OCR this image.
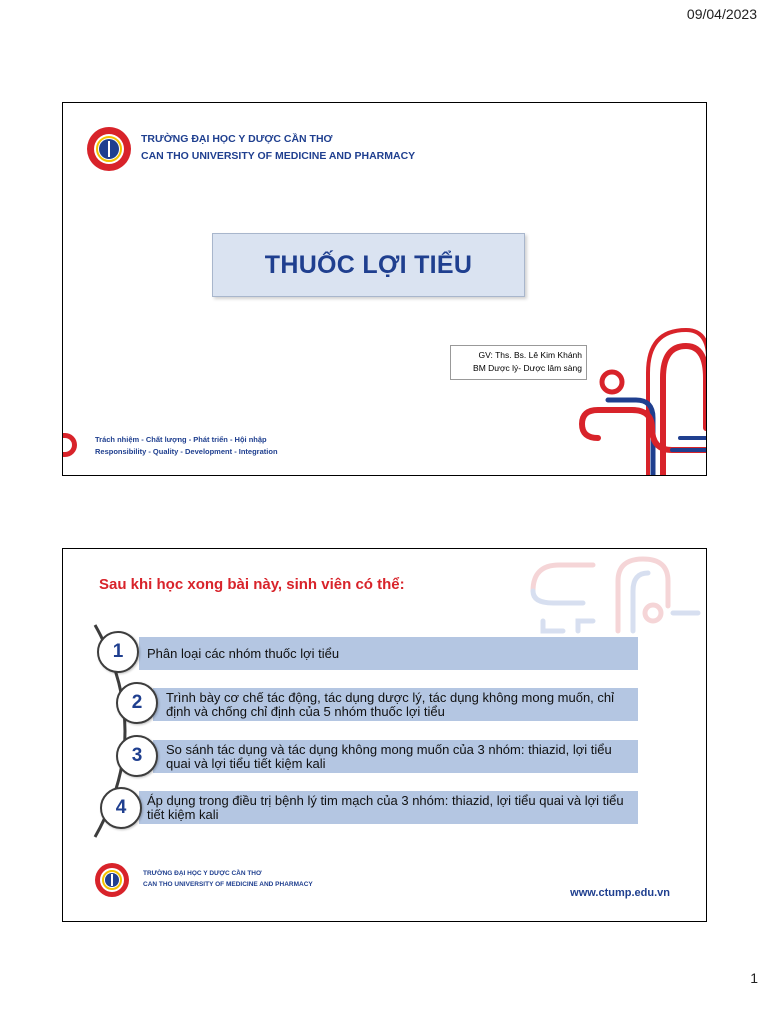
09/04/2023
TRƯỜNG ĐẠI HỌC Y DƯỢC CẦN THƠ
CAN THO UNIVERSITY OF MEDICINE AND PHARMACY
THUỐC LỢI TIỂU
GV: Ths. Bs. Lê Kim Khánh
BM Dược lý- Dược lâm sàng
Trách nhiệm - Chất lượng - Phát triển - Hội nhập
Responsibility - Quality - Development - Integration
Sau khi học xong bài này, sinh viên có thể:
Phân loại các nhóm thuốc lợi tiểu
1
Trình bày cơ chế tác động, tác dụng dược lý, tác dụng không mong muốn, chỉ định và chống chỉ định của 5 nhóm thuốc lợi tiểu
2
So sánh tác dụng và tác dụng không mong muốn của 3 nhóm: thiazid, lợi tiểu quai và lợi tiểu tiết kiệm kali
3
Áp dụng trong điều trị bệnh lý tim mạch của 3 nhóm: thiazid, lợi tiểu quai và lợi tiểu tiết kiệm kali
4
TRƯỜNG ĐẠI HỌC Y DƯỢC CẦN THƠ
CAN THO UNIVERSITY OF MEDICINE AND PHARMACY
www.ctump.edu.vn
1
